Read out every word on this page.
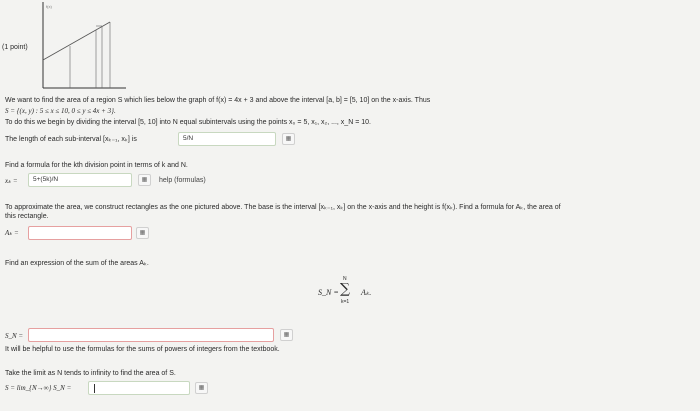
f(x)
(1 point)
We want to find the area of a region S which lies below the graph of f(x) = 4x + 3 and above the interval [a, b] = [5, 10] on the x-axis. Thus
S = {(x, y) : 5 ≤ x ≤ 10, 0 ≤ y ≤ 4x + 3}.
To do this we begin by dividing the interval [5, 10] into N equal subintervals using the points x₀ = 5, x₁, x₂, ..., x_N = 10.
The length of each sub-interval [xₖ₋₁, xₖ] is	5/N	▦
Find a formula for the kth division point in terms of k and N.
xₖ =	5+(5k)/N	▦	help (formulas)
To approximate the area, we construct rectangles as the one pictured above. The base is the interval [xₖ₋₁, xₖ] on the x-axis and the height is f(xₖ). Find a formula for Aₖ, the area of
this rectangle.
Aₖ =	▦
Find an expression of the sum of the areas Aₖ.
S_N =
N
∑
k=1
Aₖ.
S_N =	▦
It will be helpful to use the formulas for the sums of powers of integers from the textbook.
Take the limit as N tends to infinity to find the area of S.
S = lim_{N→∞} S_N =	▦
